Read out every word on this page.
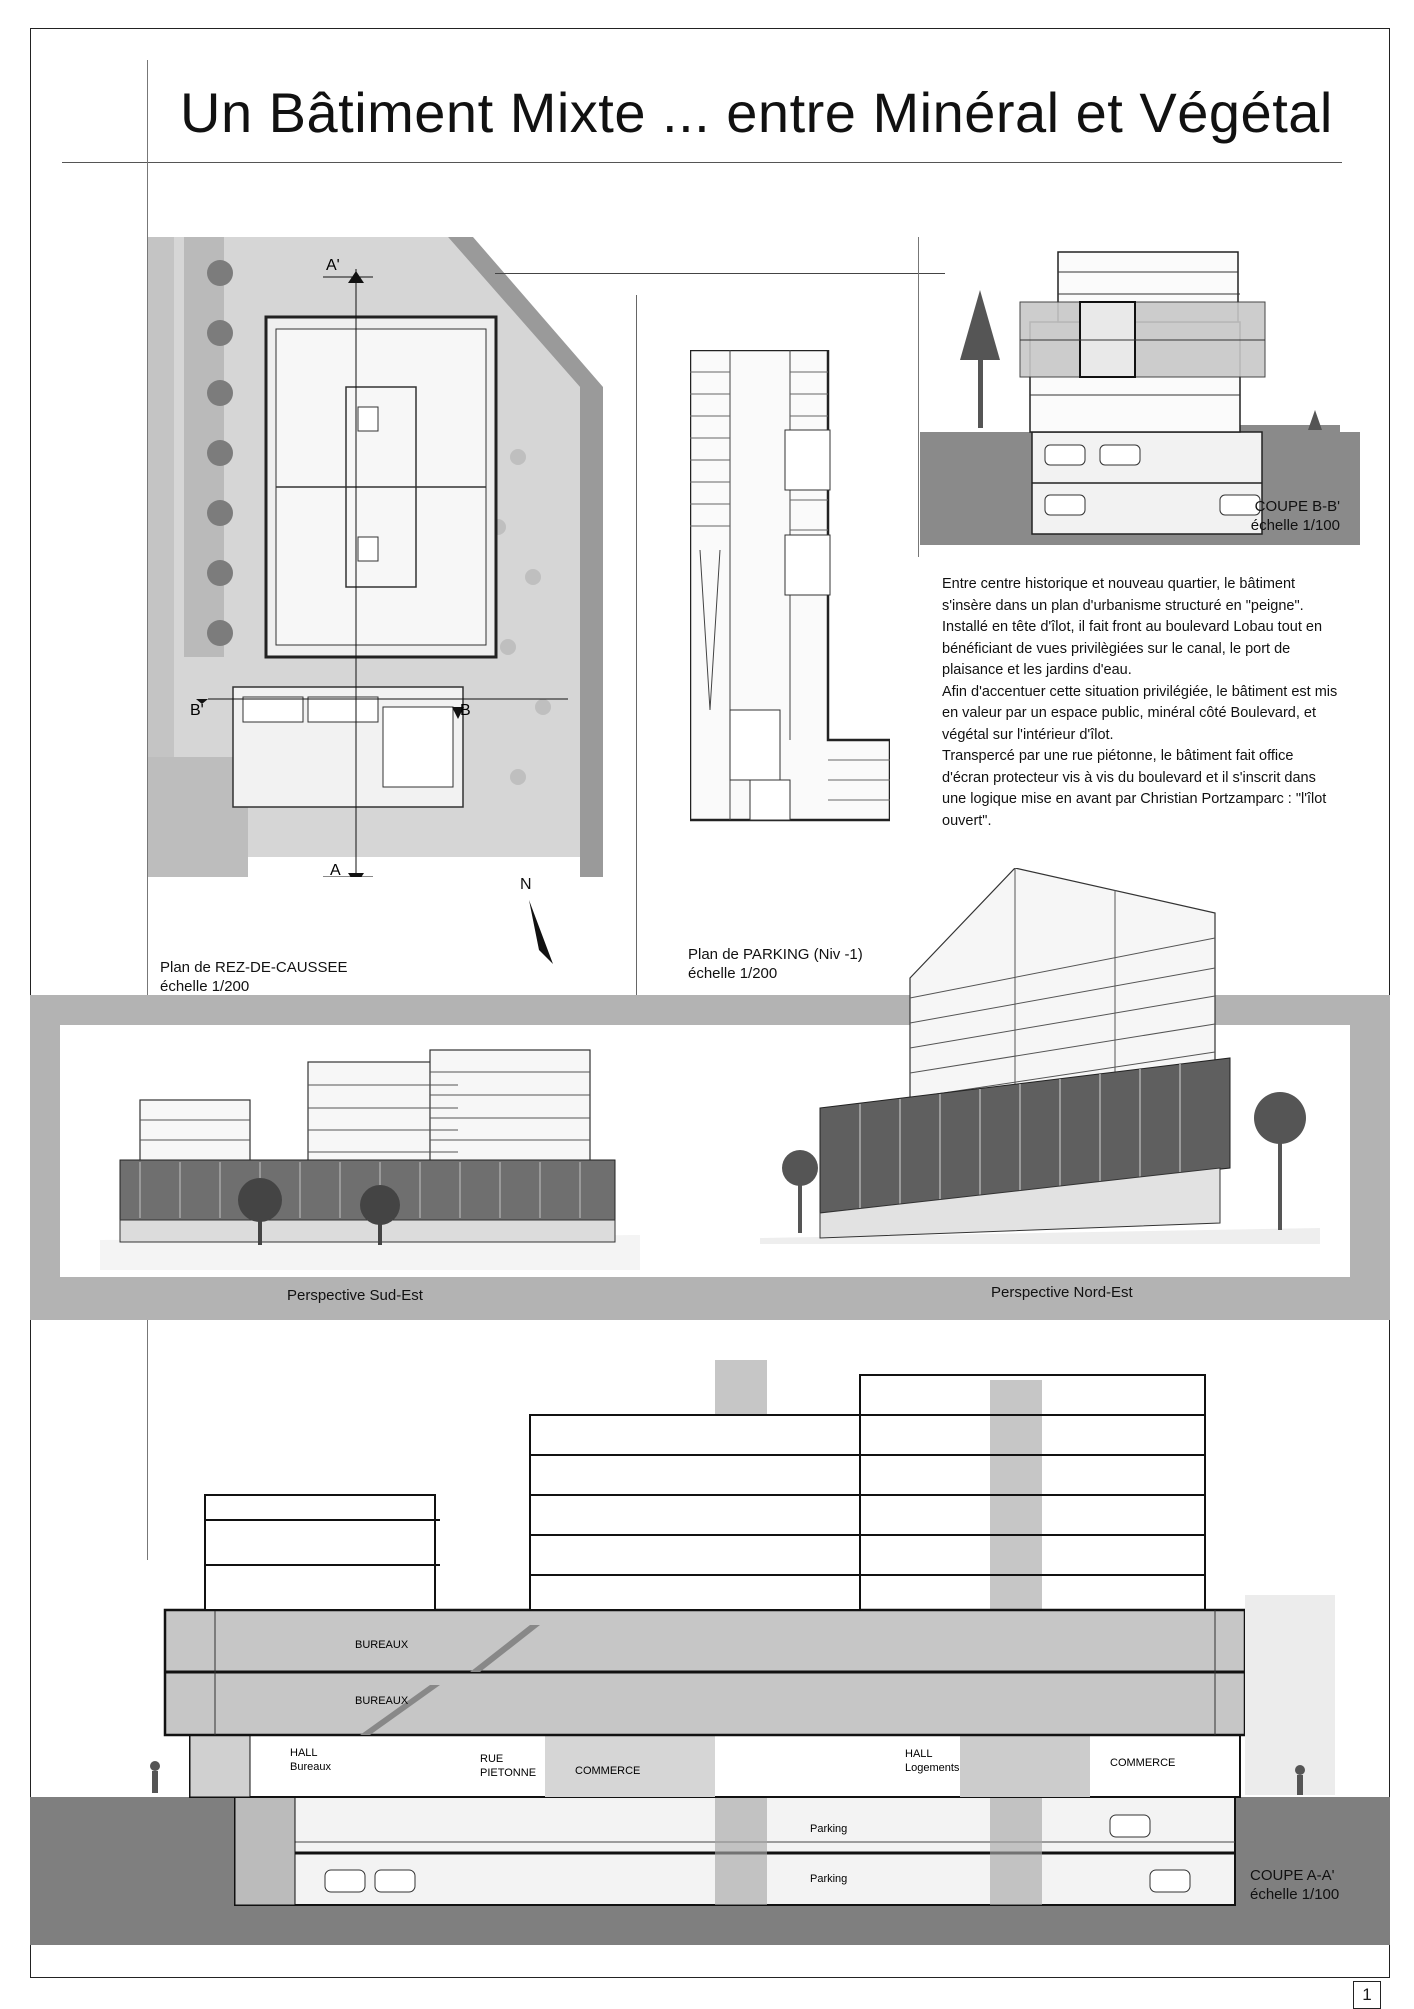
Un Bâtiment Mixte ... entre Minéral et Végétal
A'
A
B'	B
Plan de REZ-DE-CAUSSEE
échelle 1/200
N
Plan de PARKING (Niv -1)
échelle 1/200
COUPE B-B'
échelle 1/100

Entre centre historique et nouveau quartier, le bâtiment s'insère dans un plan d'urbanisme structuré en "peigne". Installé en tête d'îlot, il fait front au boulevard Lobau tout en bénéficiant de vues privilègiées sur le canal, le port de plaisance et les jardins d'eau.

Afin d'accentuer cette situation privilégiée, le bâtiment est mis en valeur par un espace public, minéral côté Boulevard, et végétal sur l'intérieur d'îlot.

Transpercé par une rue piétonne, le bâtiment fait office d'écran protecteur vis à vis du boulevard et il s'inscrit dans une logique mise en avant par Christian Portzamparc : "l'îlot ouvert".

Perspective Sud-Est	Perspective Nord-Est
BUREAUX
BUREAUX
HALL
Bureaux
RUE
PIETONNE	COMMERCE
HALL
Logements	COMMERCE
Parking
Parking	COUPE A-A'
échelle 1/100
1
